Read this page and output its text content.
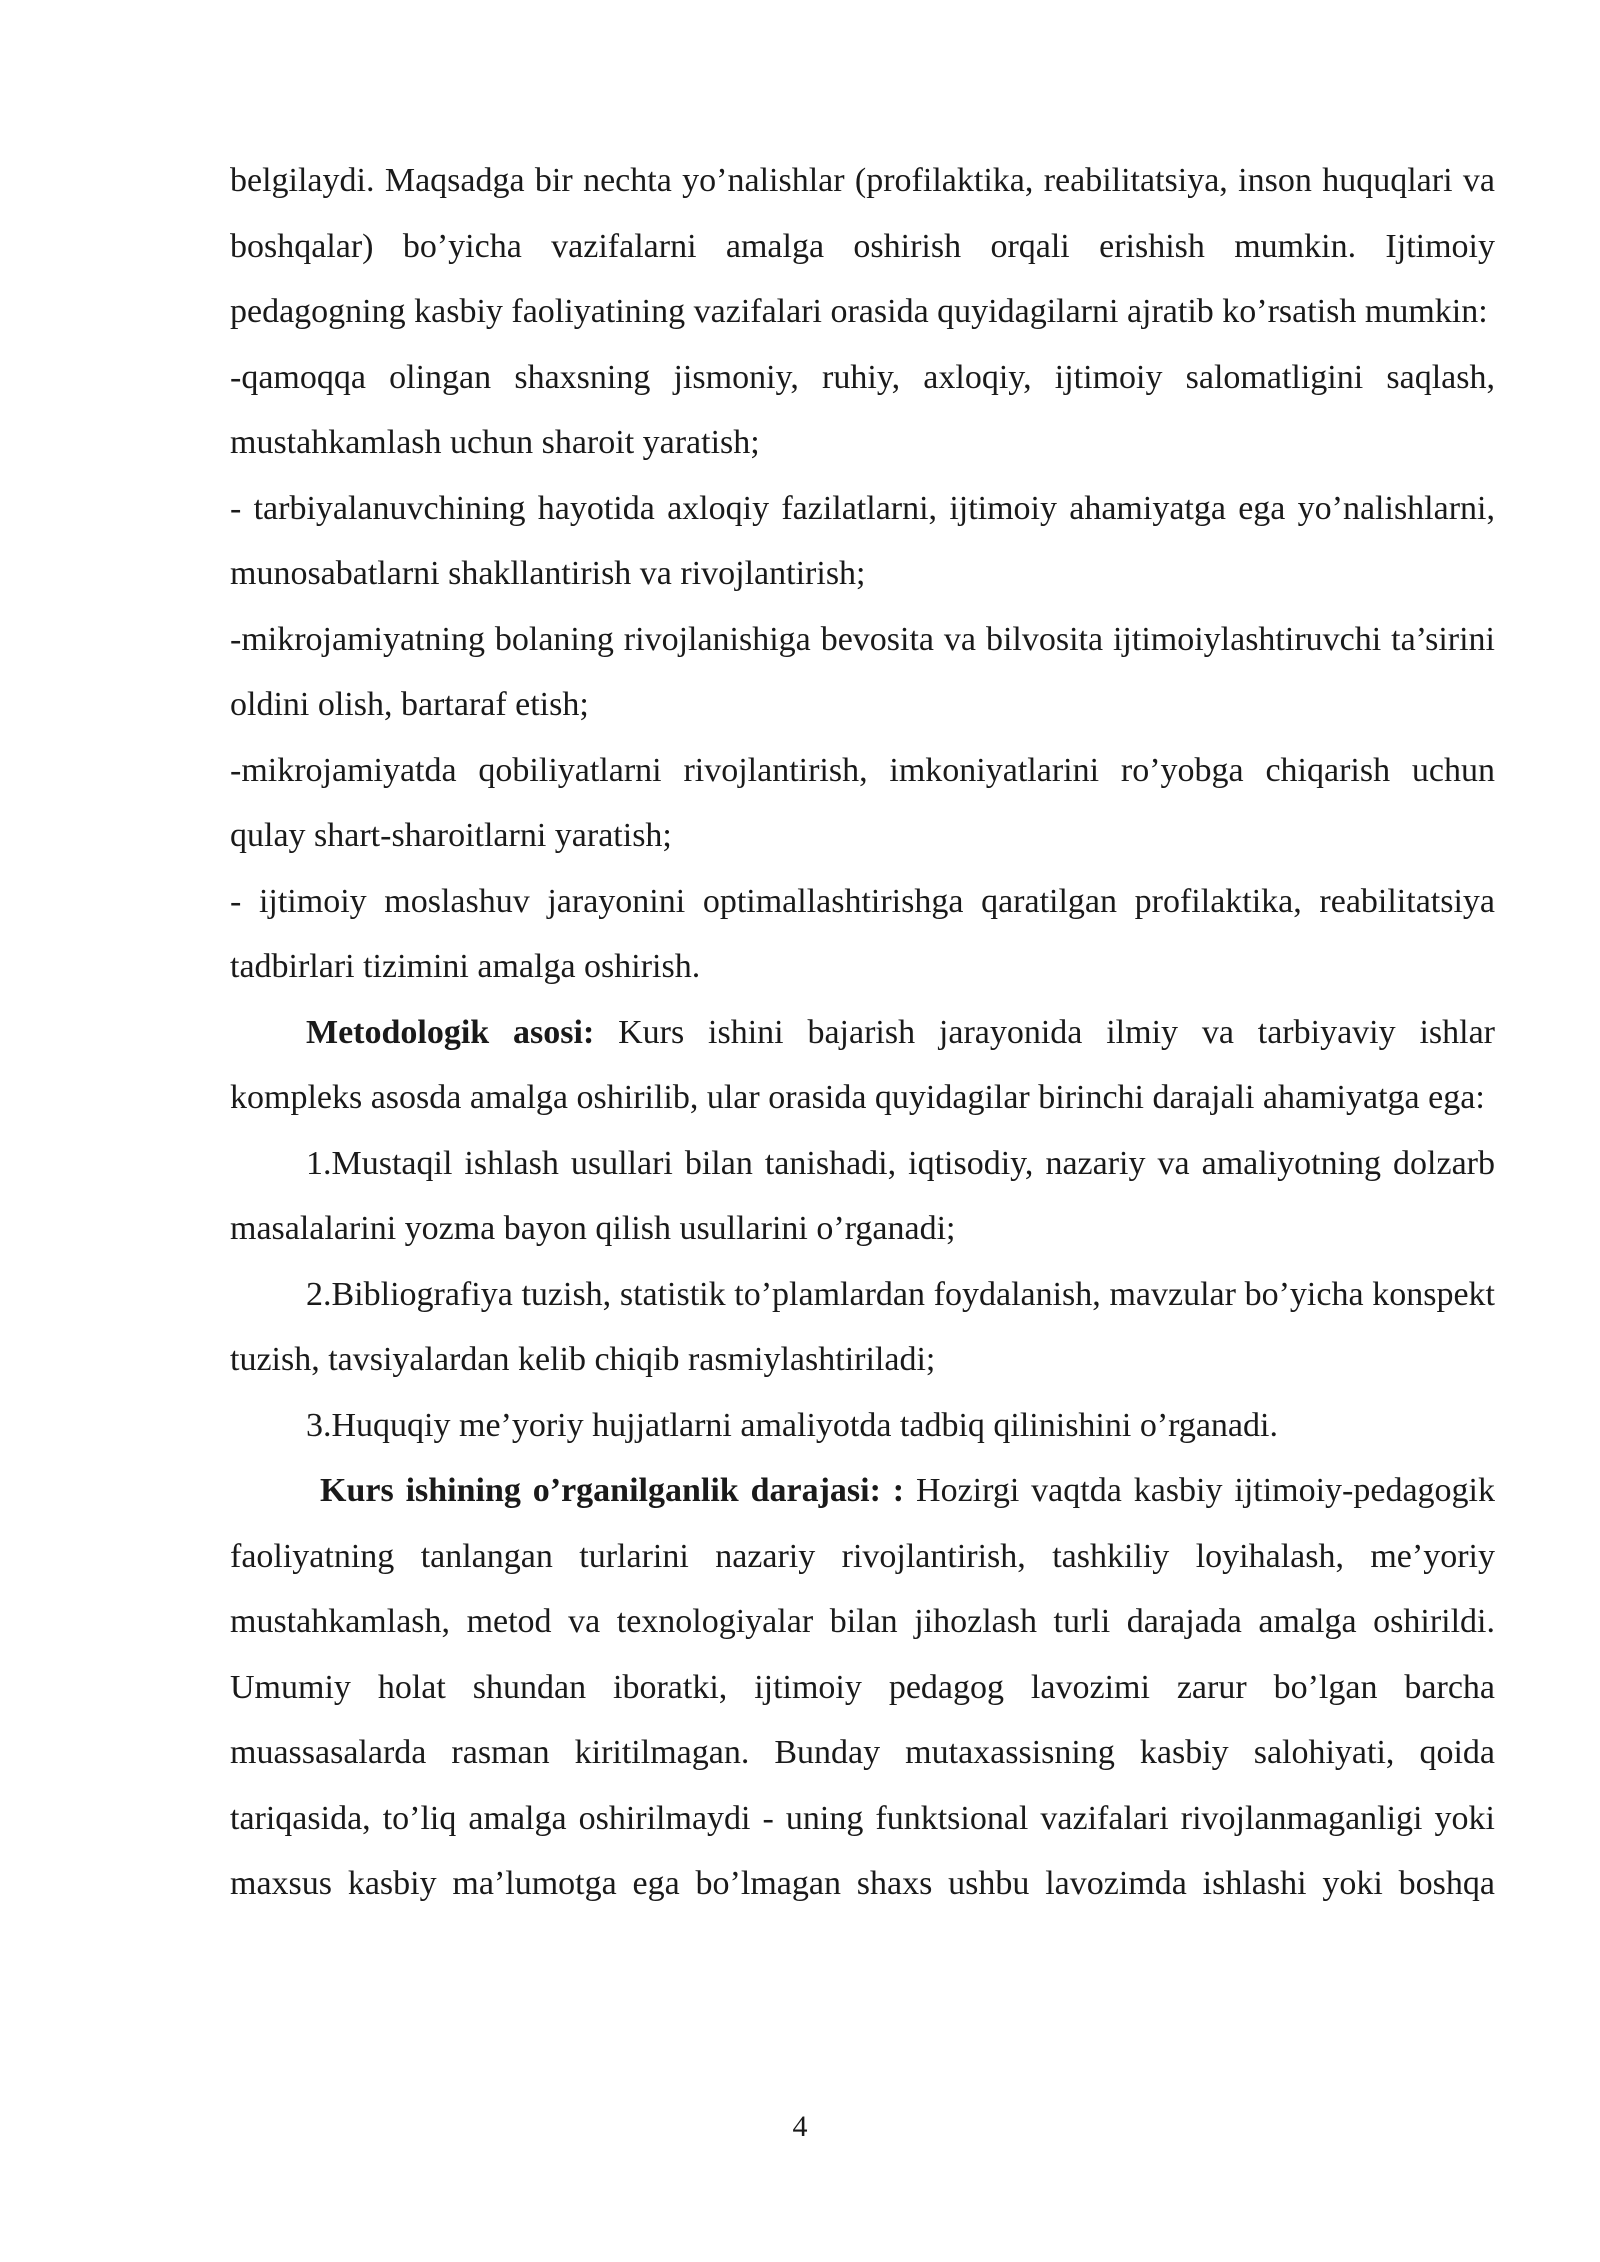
belgilaydi. Maqsadga bir nechta yo’nalishlar (profilaktika, reabilitatsiya, inson huquqlari va boshqalar) bo’yicha vazifalarni amalga oshirish orqali erishish mumkin. Ijtimoiy pedagogning kasbiy faoliyatining vazifalari orasida quyidagilarni ajratib ko’rsatish mumkin:

-qamoqqa olingan shaxsning jismoniy, ruhiy, axloqiy, ijtimoiy salomatligini saqlash, mustahkamlash uchun sharoit yaratish;

- tarbiyalanuvchining hayotida axloqiy fazilatlarni, ijtimoiy ahamiyatga ega yo’nalishlarni, munosabatlarni shakllantirish va rivojlantirish;

-mikrojamiyatning bolaning rivojlanishiga bevosita va bilvosita ijtimoiylashtiruvchi ta’sirini oldini olish, bartaraf etish;

-mikrojamiyatda qobiliyatlarni rivojlantirish, imkoniyatlarini ro’yobga chiqarish uchun qulay shart-sharoitlarni yaratish;

- ijtimoiy moslashuv jarayonini optimallashtirishga qaratilgan profilaktika, reabilitatsiya tadbirlari tizimini amalga oshirish.

Metodologik asosi: Kurs ishini bajarish jarayonida ilmiy va tarbiyaviy ishlar kompleks asosda amalga oshirilib, ular orasida quyidagilar birinchi darajali ahamiyatga ega:

1.Mustaqil ishlash usullari bilan tanishadi, iqtisodiy, nazariy va amaliyotning dolzarb masalalarini yozma bayon qilish usullarini o’rganadi;

2.Bibliografiya tuzish, statistik to’plamlardan foydalanish, mavzular bo’yicha konspekt tuzish, tavsiyalardan kelib chiqib rasmiylashtiriladi;

3.Huquqiy me’yoriy hujjatlarni amaliyotda tadbiq qilinishini o’rganadi.

Kurs ishining o’rganilganlik darajasi: : Hozirgi vaqtda kasbiy ijtimoiy-pedagogik faoliyatning tanlangan turlarini nazariy rivojlantirish, tashkiliy loyihalash, me’yoriy mustahkamlash, metod va texnologiyalar bilan jihozlash turli darajada amalga oshirildi. Umumiy holat shundan iboratki, ijtimoiy pedagog lavozimi zarur bo’lgan barcha muassasalarda rasman kiritilmagan. Bunday mutaxassisning kasbiy salohiyati, qoida tariqasida, to’liq amalga oshirilmaydi - uning funktsional vazifalari rivojlanmaganligi yoki maxsus kasbiy ma’lumotga ega bo’lmagan shaxs ushbu lavozimda ishlashi yoki boshqa

4
